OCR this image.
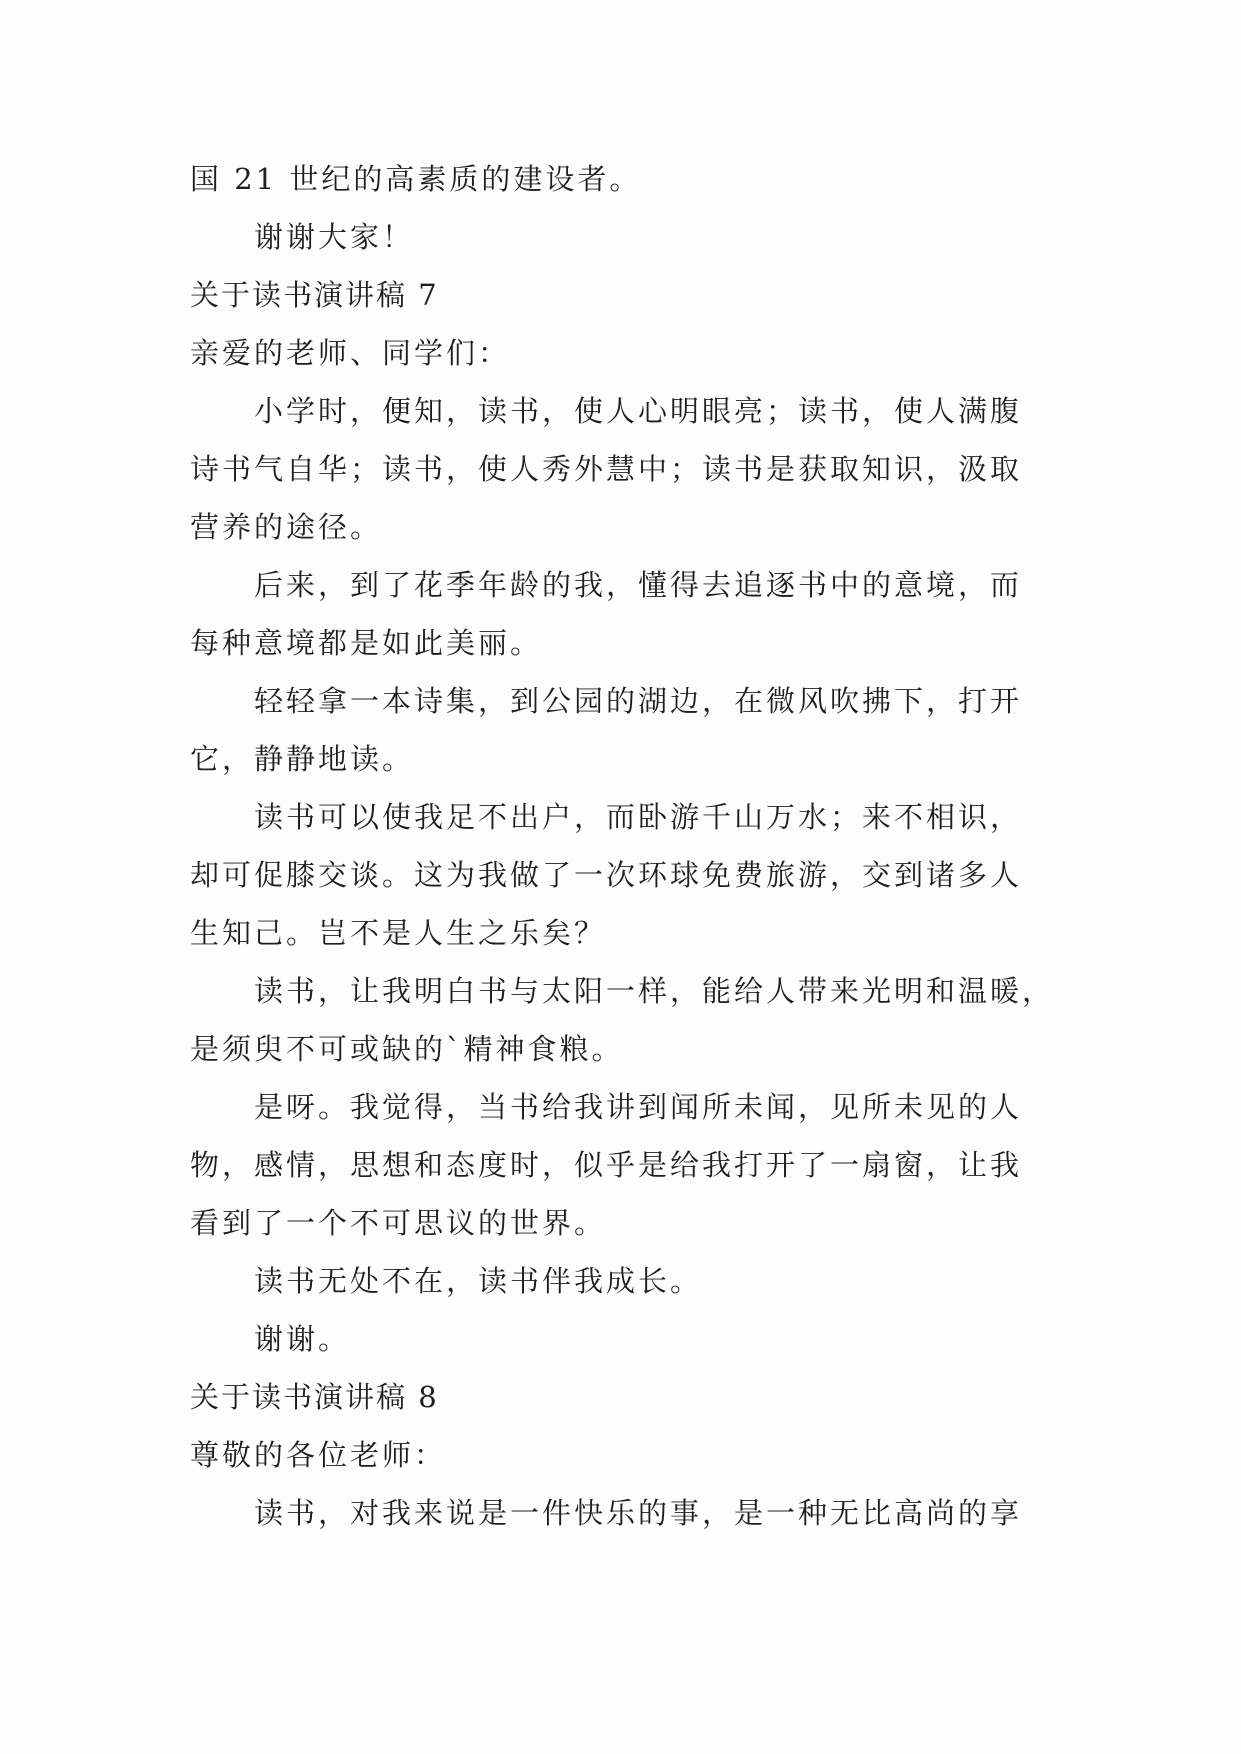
国 21 世纪的高素质的建设者。
谢谢大家！
关于读书演讲稿 7
亲爱的老师、同学们：
小学时，便知，读书，使人心明眼亮；读书，使人满腹
诗书气自华；读书，使人秀外慧中；读书是获取知识，汲取
营养的途径。
后来，到了花季年龄的我，懂得去追逐书中的意境，而
每种意境都是如此美丽。
轻轻拿一本诗集，到公园的湖边，在微风吹拂下，打开
它，静静地读。
读书可以使我足不出户，而卧游千山万水；来不相识，
却可促膝交谈。这为我做了一次环球免费旅游，交到诸多人
生知己。岂不是人生之乐矣？
读书，让我明白书与太阳一样，能给人带来光明和温暖，
是须臾不可或缺的`精神食粮。
是呀。我觉得，当书给我讲到闻所未闻，见所未见的人
物，感情，思想和态度时，似乎是给我打开了一扇窗，让我
看到了一个不可思议的世界。
读书无处不在，读书伴我成长。
谢谢。
关于读书演讲稿 8
尊敬的各位老师：
读书，对我来说是一件快乐的事，是一种无比高尚的享
